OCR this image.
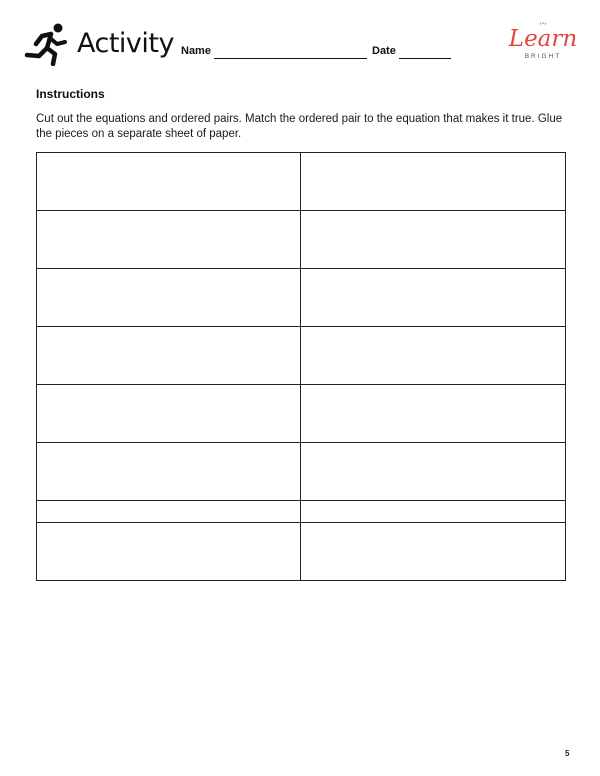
Activity Name	Date	Learn
BRIGHT
Instructions
Cut out the equations and ordered pairs. Match the ordered pair to the equation that makes it true. Glue the pieces on a separate sheet of paper.

5
